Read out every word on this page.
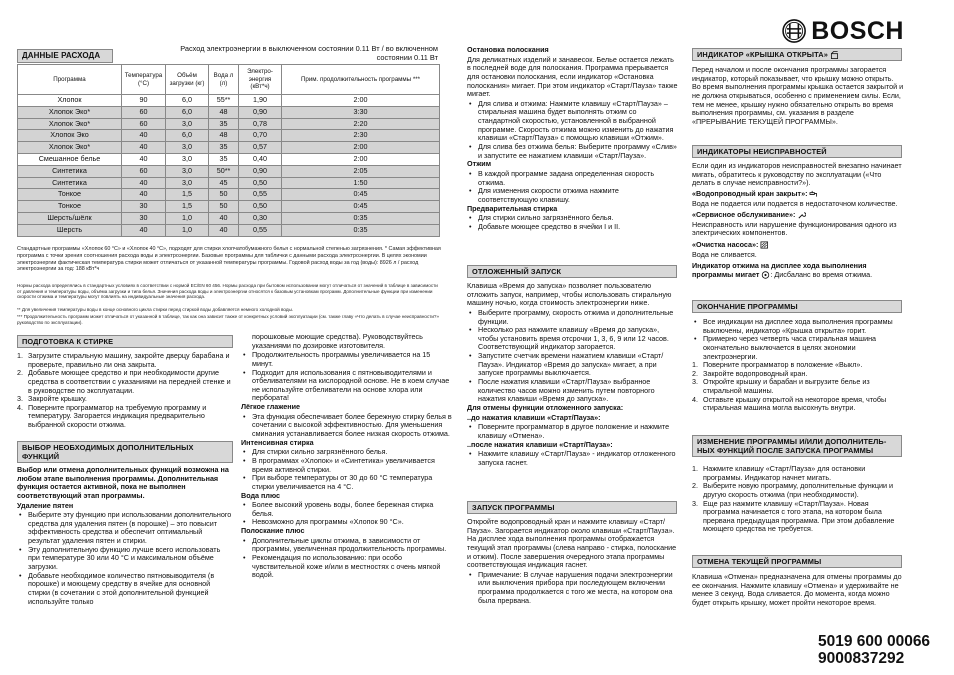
BOSCH
ДАННЫЕ РАСХОДА
Расход электроэнергии в выключенном состоянии 0.11 Вт / во включенном состоянии 0.11 Вт
Программа	Температура (°C)	Объём загрузки (кг)	Вода л (л)	Электро-энергия (кВт*ч)	Прим. продолжительность программы ***
Хлопок	90	6,0	55**	1,90	2:00
Хлопок Эко*	60	6,0	48	0,90	3:30
Хлопок Эко*	60	3,0	35	0,78	2:20
Хлопок Эко	40	6,0	48	0,70	2:30
Хлопок Эко*	40	3,0	35	0,57	2:00
Смешанное белье	40	3,0	35	0,40	2:00
Синтетика	60	3,0	50**	0,90	2:05
Синтетика	40	3,0	45	0,50	1:50
Тонкое	40	1,5	50	0,55	0:45
Тонкое	30	1,5	50	0,50	0:45
Шерсть/шёлк	30	1,0	40	0,30	0:35
Шерсть	40	1,0	40	0,55	0:35
Стандартные программы «Хлопок 60 °C» и «Хлопок 40 °C», подходят для стирки хлопчатобумажного белья с нормальной степенью загрязнения. * Самая эффективная программа с точки зрения соотношения расхода воды и электроэнергии. Базовые программы для таблички с данными расхода электроэнергии. В целях экономии электроэнергии фактическая температура стирки может отличаться от указанной температуры программы. Годовой расход воды за год (воды): 8926 л / расход электроэнергии за год: 188 кВт*ч
Нормы расхода определялись в стандартных условиях в соответствии с нормой EC/EN 60 456. Нормы расхода при бытовом использовании могут отличаться от значений в таблице в зависимости от давления и температуры воды, объёма загрузки и типа белья. Значения расхода воды и электроэнергии относятся к базовым установкам программ. Дополнительные функции при изменении скорости отжима и температуры могут повлиять на индивидуальные значения расхода.
** Для увеличения температуры воды в конце основного цикла стирки перед стиркой воды добавляется немного холодной воды.
*** Продолжительность программ может отличаться от указанной в таблице, так как она зависит также от конкретных условий эксплуатации (см. также главу «Что делать в случае неисправности?» руководство по эксплуатации).
ПОДГОТОВКА К СТИРКЕ
1. Загрузите стиральную машину, закройте дверцу барабана и проверьте, правильно ли она закрыта.
2. Добавьте моющее средство и при необходимости другие средства в соответствии с указаниями на передней стенке и в руководстве по эксплуатации.
3. Закройте крышку.
4. Поверните программатор на требуемую программу и температуру. Загорается индикация предварительно выбранной скорости отжима.
ВЫБОР НЕОБХОДИМЫХ ДОПОЛНИТЕЛЬНЫХ ФУНКЦИЙ

Выбор или отмена дополнительных функций возможна на любом этапе выполнения программы. Дополнительная функция остается активной, пока не выполнен соответствующий этап программы.

Удаление пятен

• Выберите эту функцию при использовании дополнительного средства для удаления пятен (в порошке) – это повысит эффективность средства и обеспечит оптимальный результат удаления пятен и стирки.
• Эту дополнительную функцию лучше всего использовать при температуре 30 или 40 °C и максимальном объёме загрузки.
• Добавьте необходимое количество пятновыводителя (в порошке) и моющему средству в ячейке для основной стирки (в сочетании с этой дополнительной функцией используйте только

порошковые моющие средства). Руководствуйтесь указаниями по дозировке изготовителя.

• Продолжительность программы увеличивается на 15 минут.
• Подходит для использования с пятновыводителями и отбеливателями на кислородной основе. Не в коем случае не используйте отбеливатели на основе хлора или пербората!

Лёгкое глажение

• Эта функция обеспечивает более бережную стирку белья в сочетании с высокой эффективностью. Для уменьшения сминания устанавливается более низкая скорость отжима.

Интенсивная стирка

• Для стирки сильно загрязнённого белья.
• В программах «Хлопок» и «Синтетика» увеличивается время активной стирки.
• При выборе температуры от 30 до 60 °C температура стирки увеличивается на 4 °C.

Вода плюс

• Более высокий уровень воды, более бережная стирка белья.
• Невозможно для программы «Хлопок 90 °C».

Полоскание плюс

• Дополнительные циклы отжима, в зависимости от программы, увеличенная продолжительность программы.
• Рекомендация по использованию: при особо чувствительной коже и/или в местностях с очень мягкой водой.

Остановка полоскания

Для деликатных изделий и занавесок. Белье остается лежать в последней воде для полоскания. Программа прерывается для остановки полоскания, если индикатор «Остановка полоскания» мигает. При этом индикатор «Старт/Пауза» также мигает.

• Для слива и отжима: Нажмите клавишу «Старт/Пауза» – стиральная машина будет выполнять отжим со стандартной скоростью, установленной в выбранной программе. Скорость отжима можно изменить до нажатия клавиши «Старт/Пауза» с помощью клавиши «Отжим».
• Для слива без отжима белья: Выберите программу «Слив» и запустите ее нажатием клавиши «Старт/Пауза».

Отжим

• В каждой программе задана определенная скорость отжима.
• Для изменения скорости отжима нажмите соответствующую клавишу.

Предварительная стирка

• Для стирки сильно загрязнённого белья.
• Добавьте моющее средство в ячейки I и II.
ОТЛОЖЕННЫЙ ЗАПУСК

Клавиша «Время до запуска» позволяет пользователю отложить запуск, например, чтобы использовать стиральную машину ночью, когда стоимость электроэнергии ниже.

• Выберите программу, скорость отжима и дополнительные функции.
• Несколько раз нажмите клавишу «Время до запуска», чтобы установить время отсрочки 1, 3, 6, 9 или 12 часов. Соответствующий индикатор загорается.
• Запустите счетчик времени нажатием клавиши «Старт/Пауза». Индикатор «Время до запуска» мигает, а при запуске программы выключается.
• После нажатия клавиши «Старт/Пауза» выбранное количество часов можно изменить путем повторного нажатия клавиши «Время до запуска».

Для отмены функции отложенного запуска:

..до нажатия клавиши «Старт/Пауза»:

• Поверните программатор в другое положение и нажмите клавишу «Отмена».

..после нажатия клавиши «Старт/Пауза»:

• Нажмите клавишу «Старт/Пауза» - индикатор отложенного запуска гаснет.
ЗАПУСК ПРОГРАММЫ

Откройте водопроводный кран и нажмите клавишу «Старт/Пауза». Загорается индикатор около клавиши «Старт/Пауза». На дисплее хода выполнения программы отображается текущий этап программы (слева направо - стирка, полоскание и отжим). После завершения очередного этапа программы соответствующая индикация гаснет.

• Примечание: В случае нарушения подачи электроэнергии или выключения прибора при последующем включении программа продолжается с того же места, на котором она была прервана.
ИНДИКАТОР «КРЫШКА ОТКРЫТА»
Перед началом и после окончания программы загорается индикатор, который показывает, что крышку можно открыть. Во время выполнения программы крышка остается закрытой и не должна открываться, особенно с применением силы. Если, тем не менее, крышку нужно обязательно открыть во время выполнения программы, см. указания в разделе «ПРЕРЫВАНИЕ ТЕКУЩЕЙ ПРОГРАММЫ».
ИНДИКАТОРЫ НЕИСПРАВНОСТЕЙ

Если один из индикаторов неисправностей внезапно начинает мигать, обратитесь к руководству по эксплуатации («Что делать в случае неисправности?»).

«Водопроводный кран закрыт»:

Вода не подается или подается в недостаточном количестве.

«Сервисное обслуживание»:

Неисправность или нарушение функционирования одного из электрических компонентов.

«Очистка насоса»:

Вода не сливается.

Индикатор отжима на дисплее хода выполнения программы мигает : Дисбаланс во время отжима.

ОКОНЧАНИЕ ПРОГРАММЫ
• Все индикации на дисплее хода выполнения программы выключены, индикатор «Крышка открыта» горит.
• Примерно через четверть часа стиральная машина окончательно выключается в целях экономии электроэнергии.
1. Поверните программатор в положение «Выкл».
2. Закройте водопроводный кран.
3. Откройте крышку и барабан и выгрузите белье из стиральной машины.
4. Оставьте крышку открытой на некоторое время, чтобы стиральная машина могла высохнуть внутри.
ИЗМЕНЕНИЕ ПРОГРАММЫ И/ИЛИ ДОПОЛНИТЕЛЬ-НЫХ ФУНКЦИЙ ПОСЛЕ ЗАПУСКА ПРОГРАММЫ
1. Нажмите клавишу «Старт/Пауза» для остановки программы. Индикатор начнет мигать.
2. Выберите новую программу, дополнительные функции и другую скорость отжима (при необходимости).
3. Еще раз нажмите клавишу «Старт/Пауза». Новая программа начинается с того этапа, на котором была прервана предыдущая программа. При этом добавление моющего средства не требуется.
ОТМЕНА ТЕКУЩЕЙ ПРОГРАММЫ
Клавиша «Отмена» предназначена для отмены программы до ее окончания. Нажмите клавишу «Отмена» и удерживайте не менее 3 секунд. Вода сливается. До момента, когда можно будет открыть крышку, может пройти некоторое время.
5019 600 00066
9000837292
